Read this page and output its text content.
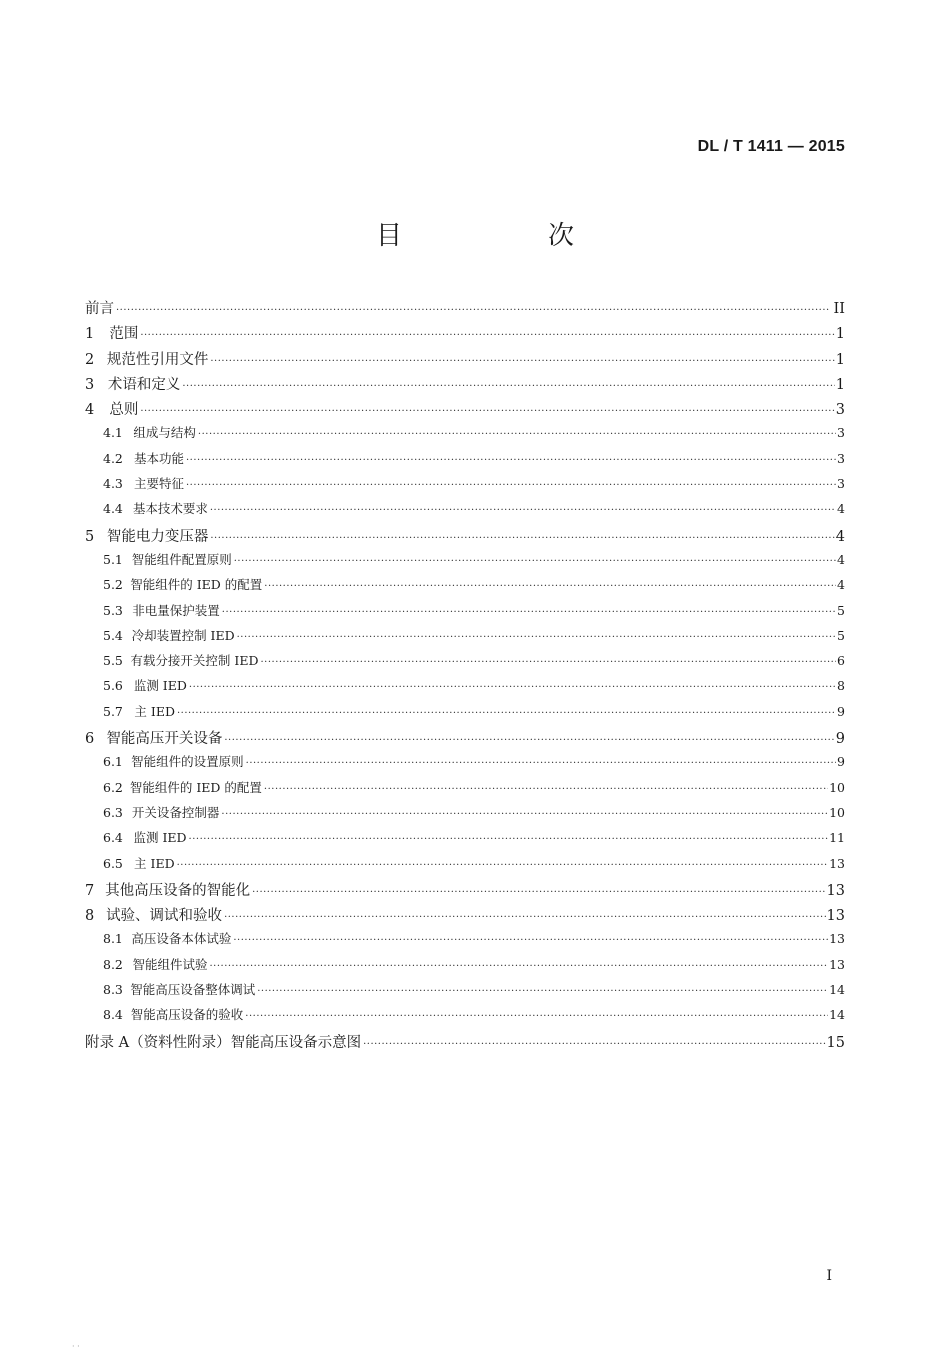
DL / T 1411 — 2015
目　次
前言 ·····	II
1	范围 ·····	1
2 规范性引用文件 ·····	1
3 术语和定义 ·····	1
4	总则 ·····	3
4.1 组成与结构 ·····	3
4.2 基本功能 ·····	3
4.3 主要特征 ·····	3
4.4 基本技术要求 ·····	4
5 智能电力变压器 ·····	4
5.1 智能组件配置原则 ·····	4
5.2 智能组件的 IED 的配置 ·····	4
5.3 非电量保护装置 ·····	5
5.4 冷却装置控制 IED ·····	5
5.5 有载分接开关控制 IED ·····	6
5.6 监测 IED ·····	8
5.7 主 IED ·····	9
6 智能高压开关设备 ·····	9
6.1 智能组件的设置原则 ·····	9
6.2 智能组件的 IED 的配置 ·····	10
6.3 开关设备控制器 ·····	10
6.4 监测 IED ·····	11
6.5 主 IED ·····	13
7 其他高压设备的智能化 ·····	13
8 试验、调试和验收 ·····	13
8.1 高压设备本体试验 ·····	13
8.2 智能组件试验 ·····	13
8.3 智能高压设备整体调试 ·····	14
8.4 智能高压设备的验收 ·····	14
附录 A（资料性附录）智能高压设备示意图 ·····	15
I
· ·
